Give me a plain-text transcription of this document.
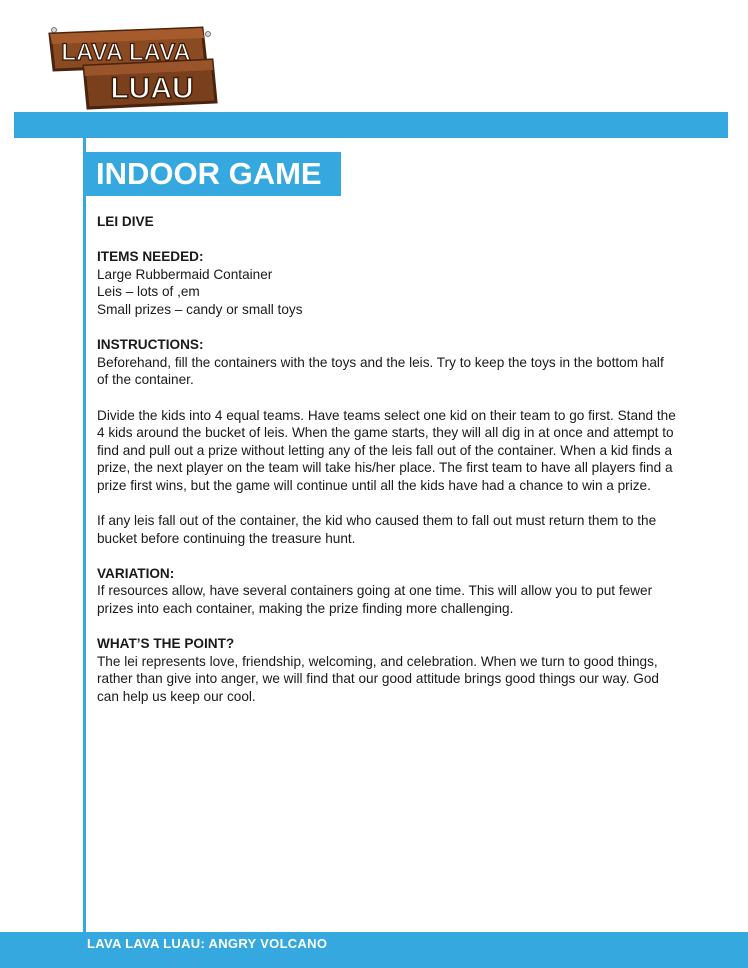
LAVA LAVA
LUAU
INDOOR GAME

LEI DIVE

ITEMS NEEDED:

Large Rubbermaid Container

Leis – lots of ,em

Small prizes – candy or small toys

INSTRUCTIONS:

Beforehand, fill the containers with the toys and the leis. Try to keep the toys in the bottom half of the container.

Divide the kids into 4 equal teams. Have teams select one kid on their team to go first. Stand the 4 kids around the bucket of leis. When the game starts, they will all dig in at once and attempt to find and pull out a prize without letting any of the leis fall out of the container. When a kid finds a prize, the next player on the team will take his/her place. The first team to have all players find a prize first wins, but the game will continue until all the kids have had a chance to win a prize.

If any leis fall out of the container, the kid who caused them to fall out must return them to the bucket before continuing the treasure hunt.

VARIATION:

If resources allow, have several containers going at one time. This will allow you to put fewer prizes into each container, making the prize finding more challenging.

WHAT’S THE POINT?

The lei represents love, friendship, welcoming, and celebration. When we turn to good things, rather than give into anger, we will find that our good attitude brings good things our way. God can help us keep our cool.

LAVA LAVA LUAU: ANGRY VOLCANO
